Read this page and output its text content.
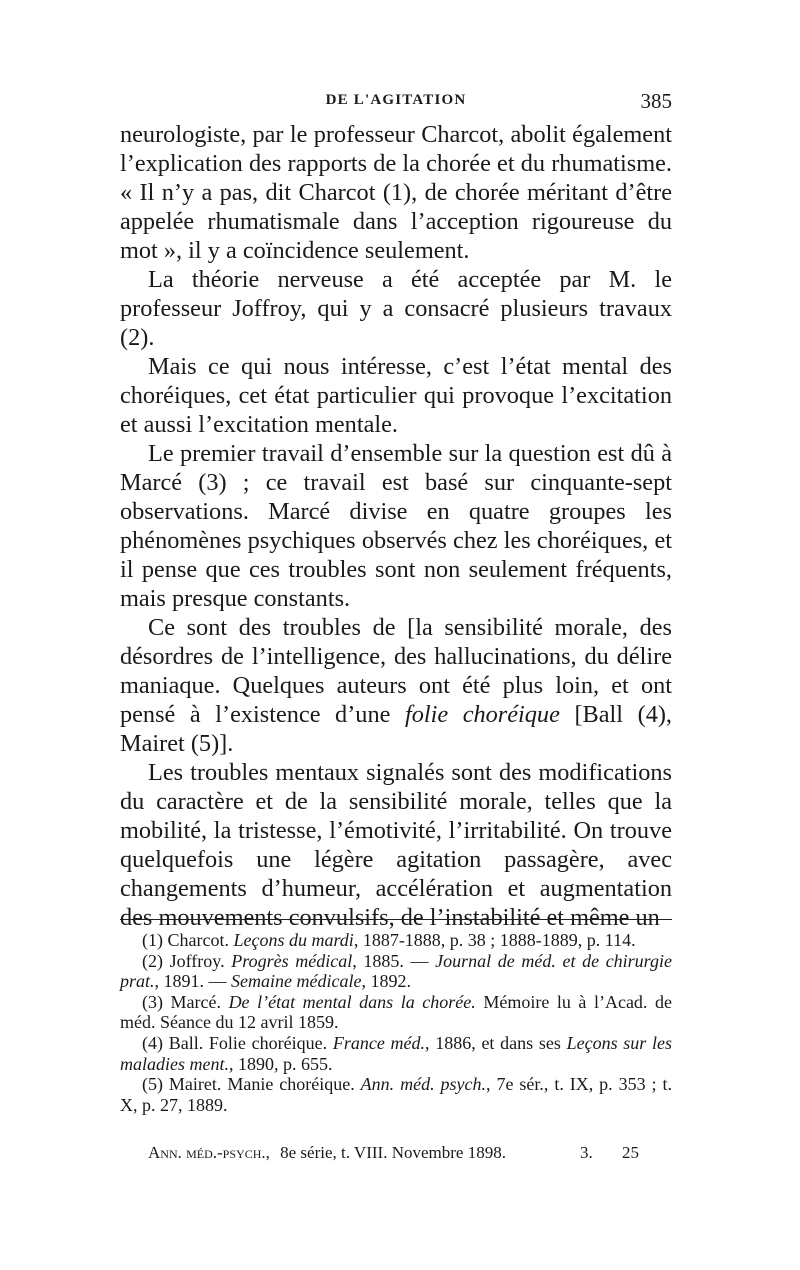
DE L'AGITATION	385

neurologiste, par le professeur Charcot, abolit également l’explication des rapports de la chorée et du rhumatisme. « Il n’y a pas, dit Charcot (1), de chorée méritant d’être appelée rhumatismale dans l’acception rigoureuse du mot », il y a coïncidence seulement.

La théorie nerveuse a été acceptée par M. le professeur Joffroy, qui y a consacré plusieurs travaux (2).

Mais ce qui nous intéresse, c’est l’état mental des choréiques, cet état particulier qui provoque l’excitation et aussi l’excitation mentale.

Le premier travail d’ensemble sur la question est dû à Marcé (3) ; ce travail est basé sur cinquante-sept observations. Marcé divise en quatre groupes les phénomènes psychiques observés chez les choréiques, et il pense que ces troubles sont non seulement fréquents, mais presque constants.

Ce sont des troubles de [la sensibilité morale, des désordres de l’intelligence, des hallucinations, du délire maniaque. Quelques auteurs ont été plus loin, et ont pensé à l’existence d’une folie choréique [Ball (4), Mairet (5)].

Les troubles mentaux signalés sont des modifications du caractère et de la sensibilité morale, telles que la mobilité, la tristesse, l’émotivité, l’irritabilité. On trouve quelquefois une légère agitation passagère, avec changements d’humeur, accélération et augmentation des mouvements convulsifs, de l’instabilité et même un

(1) Charcot. Leçons du mardi, 1887-1888, p. 38 ; 1888-1889, p. 114.

(2) Joffroy. Progrès médical, 1885. — Journal de méd. et de chirurgie prat., 1891. — Semaine médicale, 1892.

(3) Marcé. De l’état mental dans la chorée. Mémoire lu à l’Acad. de méd. Séance du 12 avril 1859.

(4) Ball. Folie choréique. France méd., 1886, et dans ses Leçons sur les maladies ment., 1890, p. 655.

(5) Mairet. Manie choréique. Ann. méd. psych., 7e sér., t. IX, p. 353 ; t. X, p. 27, 1889.

Ann. méd.-psych., 8e série, t. VIII. Novembre 1898.	3. 25
